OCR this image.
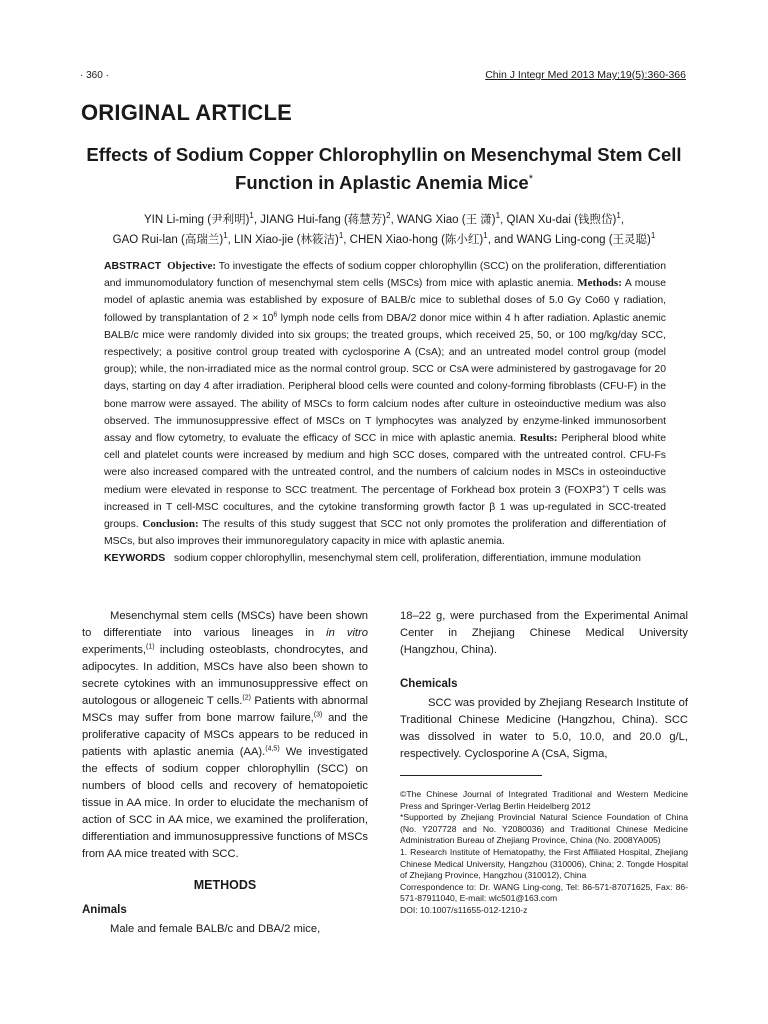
· 360 ·	Chin J Integr Med 2013 May;19(5):360-366
ORIGINAL ARTICLE
Effects of Sodium Copper Chlorophyllin on Mesenchymal Stem Cell Function in Aplastic Anemia Mice*
YIN Li-ming (尹利明)$^1$, JIANG Hui-fang (蒋慧芳)$^2$, WANG Xiao (王 潇)$^1$, QIAN Xu-dai (钱煦岱)$^1$,
GAO Rui-lan (高瑞兰)$^1$, LIN Xiao-jie (林筱洁)$^1$, CHEN Xiao-hong (陈小红)$^1$, and WANG Ling-cong (王灵聪)$^1$
ABSTRACT Objective: To investigate the effects of sodium copper chlorophyllin (SCC) on the proliferation, differentiation and immunomodulatory function of mesenchymal stem cells (MSCs) from mice with aplastic anemia. Methods: A mouse model of aplastic anemia was established by exposure of BALB/c mice to sublethal doses of 5.0 Gy Co60 γ radiation, followed by transplantation of $2 \times 10^6$ lymph node cells from DBA/2 donor mice within 4 h after radiation. Aplastic anemic BALB/c mice were randomly divided into six groups; the treated groups, which received 25, 50, or 100 mg/kg/day SCC, respectively; a positive control group treated with cyclosporine A (CsA); and an untreated model control group (model group); while, the non-irradiated mice as the normal control group. SCC or CsA were administered by gastrogavage for 20 days, starting on day 4 after irradiation. Peripheral blood cells were counted and colony-forming fibroblasts (CFU-F) in the bone marrow were assayed. The ability of MSCs to form calcium nodes after culture in osteoinductive medium was also observed. The immunosuppressive effect of MSCs on T lymphocytes was analyzed by enzyme-linked immunosorbent assay and flow cytometry, to evaluate the efficacy of SCC in mice with aplastic anemia. Results: Peripheral blood white cell and platelet counts were increased by medium and high SCC doses, compared with the untreated control. CFU-Fs were also increased compared with the untreated control, and the numbers of calcium nodes in MSCs in osteoinductive medium were elevated in response to SCC treatment. The percentage of Forkhead box protein 3 (FOXP3+) T cells was increased in T cell-MSC cocultures, and the cytokine transforming growth factor β 1 was up-regulated in SCC-treated groups. Conclusion: The results of this study suggest that SCC not only promotes the proliferation and differentiation of MSCs, but also improves their immunoregulatory capacity in mice with aplastic anemia.
KEYWORDS sodium copper chlorophyllin, mesenchymal stem cell, proliferation, differentiation, immune modulation

Mesenchymal stem cells (MSCs) have been shown to differentiate into various lineages in in vitro experiments,$^{(1)}$ including osteoblasts, chondrocytes, and adipocytes. In addition, MSCs have also been shown to secrete cytokines with an immunosuppressive effect on autologous or allogeneic T cells.$^{(2)}$ Patients with abnormal MSCs may suffer from bone marrow failure,$^{(3)}$ and the proliferative capacity of MSCs appears to be reduced in patients with aplastic anemia (AA).$^{(4,5)}$ We investigated the effects of sodium copper chlorophyllin (SCC) on numbers of blood cells and recovery of hematopoietic tissue in AA mice. In order to elucidate the mechanism of action of SCC in AA mice, we examined the proliferation, differentiation and immunosuppressive functions of MSCs from AA mice treated with SCC.

METHODS
Animals

Male and female BALB/c and DBA/2 mice,

18–22 g, were purchased from the Experimental Animal Center in Zhejiang Chinese Medical University (Hangzhou, China).

Chemicals

SCC was provided by Zhejiang Research Institute of Traditional Chinese Medicine (Hangzhou, China). SCC was dissolved in water to 5.0, 10.0, and 20.0 g/L, respectively. Cyclosporine A (CsA, Sigma,

©The Chinese Journal of Integrated Traditional and Western Medicine Press and Springer-Verlag Berlin Heidelberg 2012

*Supported by Zhejiang Provincial Natural Science Foundation of China (No. Y207728 and No. Y2080036) and Traditional Chinese Medicine Administration Bureau of Zhejiang Province, China (No. 2008YA005)

1. Research Institute of Hematopathy, the First Affiliated Hospital, Zhejiang Chinese Medical University, Hangzhou (310006), China; 2. Tongde Hospital of Zhejiang Province, Hangzhou (310012), China

Correspondence to: Dr. WANG Ling-cong, Tel: 86-571-87071625, Fax: 86-571-87911040, E-mail: wlc501@163.com

DOI: 10.1007/s11655-012-1210-z
